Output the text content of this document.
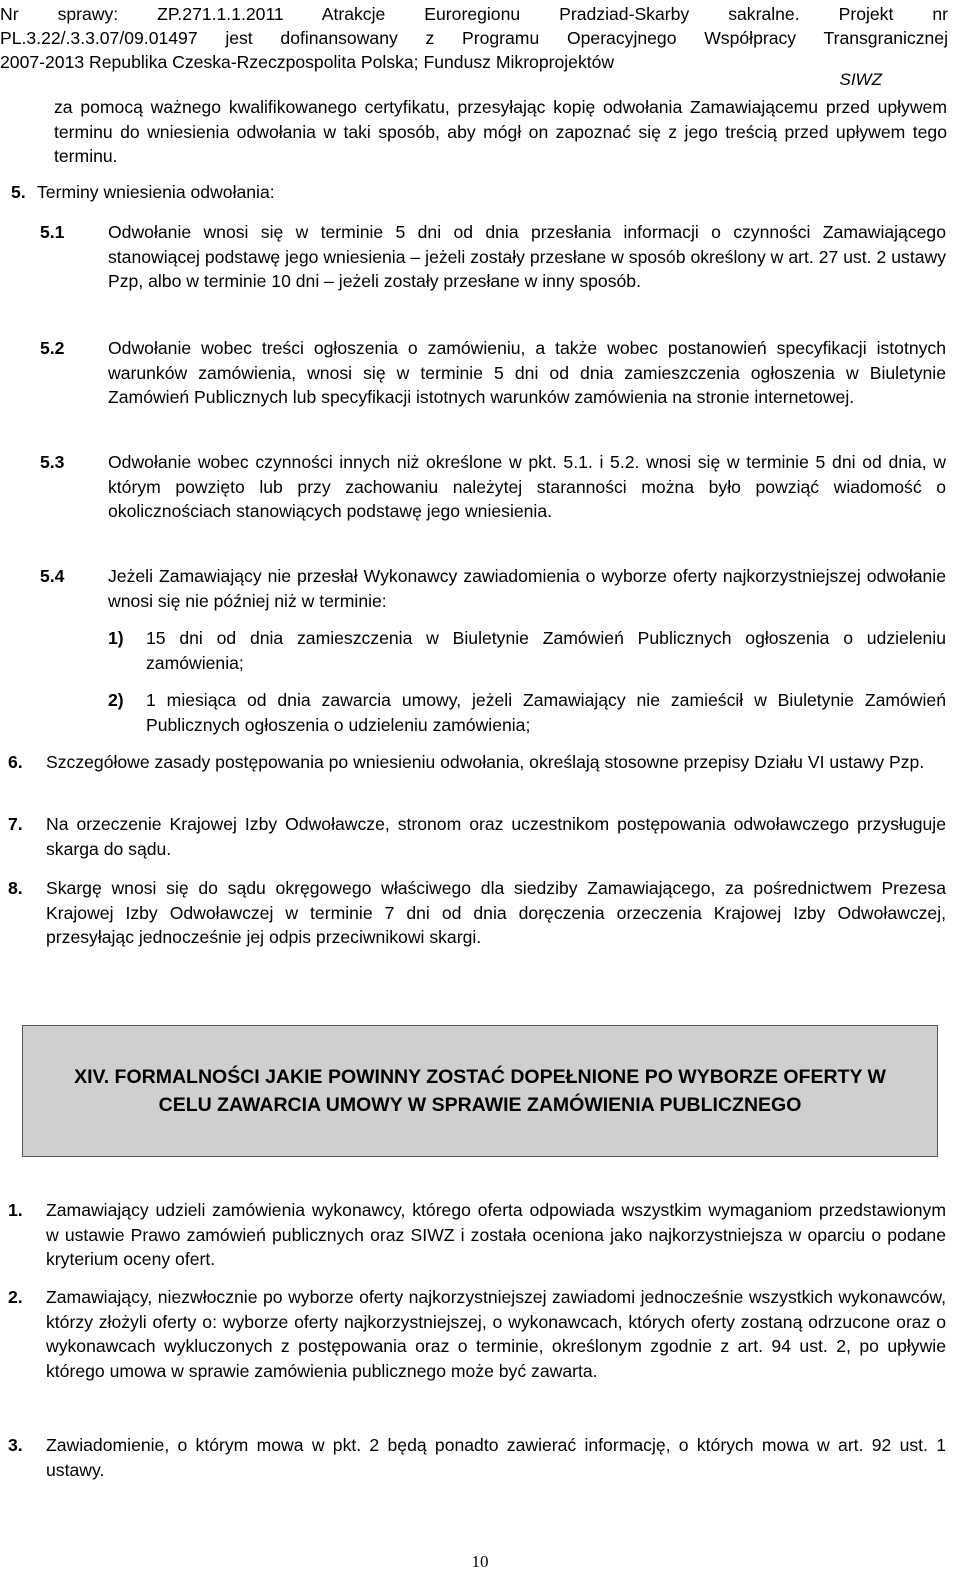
Nr sprawy: ZP.271.1.1.2011 Atrakcje Euroregionu Pradziad-Skarby sakralne. Projekt nr
PL.3.22/.3.3.07/09.01497 jest dofinansowany z Programu Operacyjnego Współpracy Transgranicznej
2007-2013 Republika Czeska-Rzeczpospolita Polska; Fundusz Mikroprojektów
SIWZ
za pomocą ważnego kwalifikowanego certyfikatu, przesyłając kopię odwołania Zamawiającemu przed upływem terminu do wniesienia odwołania w taki sposób, aby mógł on zapoznać się z jego treścią przed upływem tego terminu.
5. Terminy wniesienia odwołania:
5.1 Odwołanie wnosi się w terminie 5 dni od dnia przesłania informacji o czynności Zamawiającego stanowiącej podstawę jego wniesienia – jeżeli zostały przesłane w sposób określony w art. 27 ust. 2 ustawy Pzp, albo w terminie 10 dni – jeżeli zostały przesłane w inny sposób.
5.2 Odwołanie wobec treści ogłoszenia o zamówieniu, a także wobec postanowień specyfikacji istotnych warunków zamówienia, wnosi się w terminie 5 dni od dnia zamieszczenia ogłoszenia w Biuletynie Zamówień Publicznych lub specyfikacji istotnych warunków zamówienia na stronie internetowej.
5.3 Odwołanie wobec czynności innych niż określone w pkt. 5.1. i 5.2. wnosi się w terminie 5 dni od dnia, w którym powzięto lub przy zachowaniu należytej staranności można było powziąć wiadomość o okolicznościach stanowiących podstawę jego wniesienia.
5.4 Jeżeli Zamawiający nie przesłał Wykonawcy zawiadomienia o wyborze oferty najkorzystniejszej odwołanie wnosi się nie później niż w terminie:
1) 15 dni od dnia zamieszczenia w Biuletynie Zamówień Publicznych ogłoszenia o udzieleniu zamówienia;
2) 1 miesiąca od dnia zawarcia umowy, jeżeli Zamawiający nie zamieścił w Biuletynie Zamówień Publicznych ogłoszenia o udzieleniu zamówienia;
6. Szczegółowe zasady postępowania po wniesieniu odwołania, określają stosowne przepisy Działu VI ustawy Pzp.
7. Na orzeczenie Krajowej Izby Odwoławcze, stronom oraz uczestnikom postępowania odwoławczego przysługuje skarga do sądu.
8. Skargę wnosi się do sądu okręgowego właściwego dla siedziby Zamawiającego, za pośrednictwem Prezesa Krajowej Izby Odwoławczej w terminie 7 dni od dnia doręczenia orzeczenia Krajowej Izby Odwoławczej, przesyłając jednocześnie jej odpis przeciwnikowi skargi.
XIV. FORMALNOŚCI JAKIE POWINNY ZOSTAĆ DOPEŁNIONE PO WYBORZE OFERTY W CELU ZAWARCIA UMOWY W SPRAWIE ZAMÓWIENIA PUBLICZNEGO
1. Zamawiający udzieli zamówienia wykonawcy, którego oferta odpowiada wszystkim wymaganiom przedstawionym w ustawie Prawo zamówień publicznych oraz SIWZ i została oceniona jako najkorzystniejsza w oparciu o podane kryterium oceny ofert.
2. Zamawiający, niezwłocznie po wyborze oferty najkorzystniejszej zawiadomi jednocześnie wszystkich wykonawców, którzy złożyli oferty o: wyborze oferty najkorzystniejszej, o wykonawcach, których oferty zostaną odrzucone oraz o wykonawcach wykluczonych z postępowania oraz o terminie, określonym zgodnie z art. 94 ust. 2, po upływie którego umowa w sprawie zamówienia publicznego może być zawarta.
3. Zawiadomienie, o którym mowa w pkt. 2 będą ponadto zawierać informację, o których mowa w art. 92 ust. 1 ustawy.
10
